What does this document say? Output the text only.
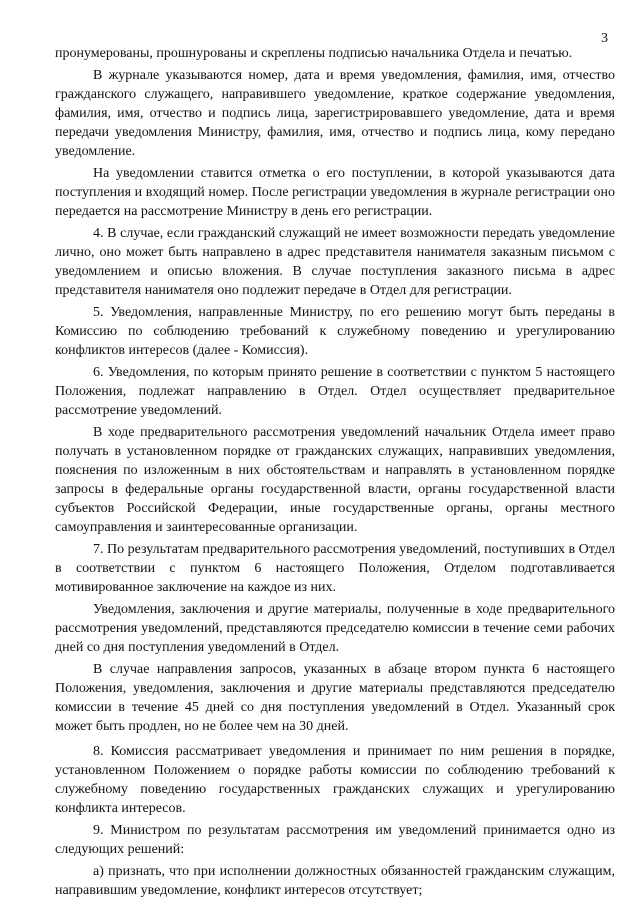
3

пронумерованы, прошнурованы и скреплены подписью начальника Отдела и печатью.

В журнале указываются номер, дата и время уведомления, фамилия, имя, отчество гражданского служащего, направившего уведомление, краткое содержание уведомления, фамилия, имя, отчество и подпись лица, зарегистрировавшего уведомление, дата и время передачи уведомления Министру, фамилия, имя, отчество и подпись лица, кому передано уведомление.

На уведомлении ставится отметка о его поступлении, в которой указываются дата поступления и входящий номер. После регистрации уведомления в журнале регистрации оно передается на рассмотрение Министру в день его регистрации.

4. В случае, если гражданский служащий не имеет возможности передать уведомление лично, оно может быть направлено в адрес представителя нанимателя заказным письмом с уведомлением и описью вложения. В случае поступления заказного письма в адрес представителя нанимателя оно подлежит передаче в Отдел для регистрации.

5. Уведомления, направленные Министру, по его решению могут быть переданы в Комиссию по соблюдению требований к служебному поведению и урегулированию конфликтов интересов (далее - Комиссия).

6. Уведомления, по которым принято решение в соответствии с пунктом 5 настоящего Положения, подлежат направлению в Отдел. Отдел осуществляет предварительное рассмотрение уведомлений.

В ходе предварительного рассмотрения уведомлений начальник Отдела имеет право получать в установленном порядке от гражданских служащих, направивших уведомления, пояснения по изложенным в них обстоятельствам и направлять в установленном порядке запросы в федеральные органы государственной власти, органы государственной власти субъектов Российской Федерации, иные государственные органы, органы местного самоуправления и заинтересованные организации.

7. По результатам предварительного рассмотрения уведомлений, поступивших в Отдел в соответствии с пунктом 6 настоящего Положения, Отделом подготавливается мотивированное заключение на каждое из них.

Уведомления, заключения и другие материалы, полученные в ходе предварительного рассмотрения уведомлений, представляются председателю комиссии в течение семи рабочих дней со дня поступления уведомлений в Отдел.

В случае направления запросов, указанных в абзаце втором пункта 6 настоящего Положения, уведомления, заключения и другие материалы представляются председателю комиссии в течение 45 дней со дня поступления уведомлений в Отдел. Указанный срок может быть продлен, но не более чем на 30 дней.

8. Комиссия рассматривает уведомления и принимает по ним решения в порядке, установленном Положением о порядке работы комиссии по соблюдению требований к служебному поведению государственных гражданских служащих и урегулированию конфликта интересов.

9. Министром по результатам рассмотрения им уведомлений принимается одно из следующих решений:

а) признать, что при исполнении должностных обязанностей гражданским служащим, направившим уведомление, конфликт интересов отсутствует;
